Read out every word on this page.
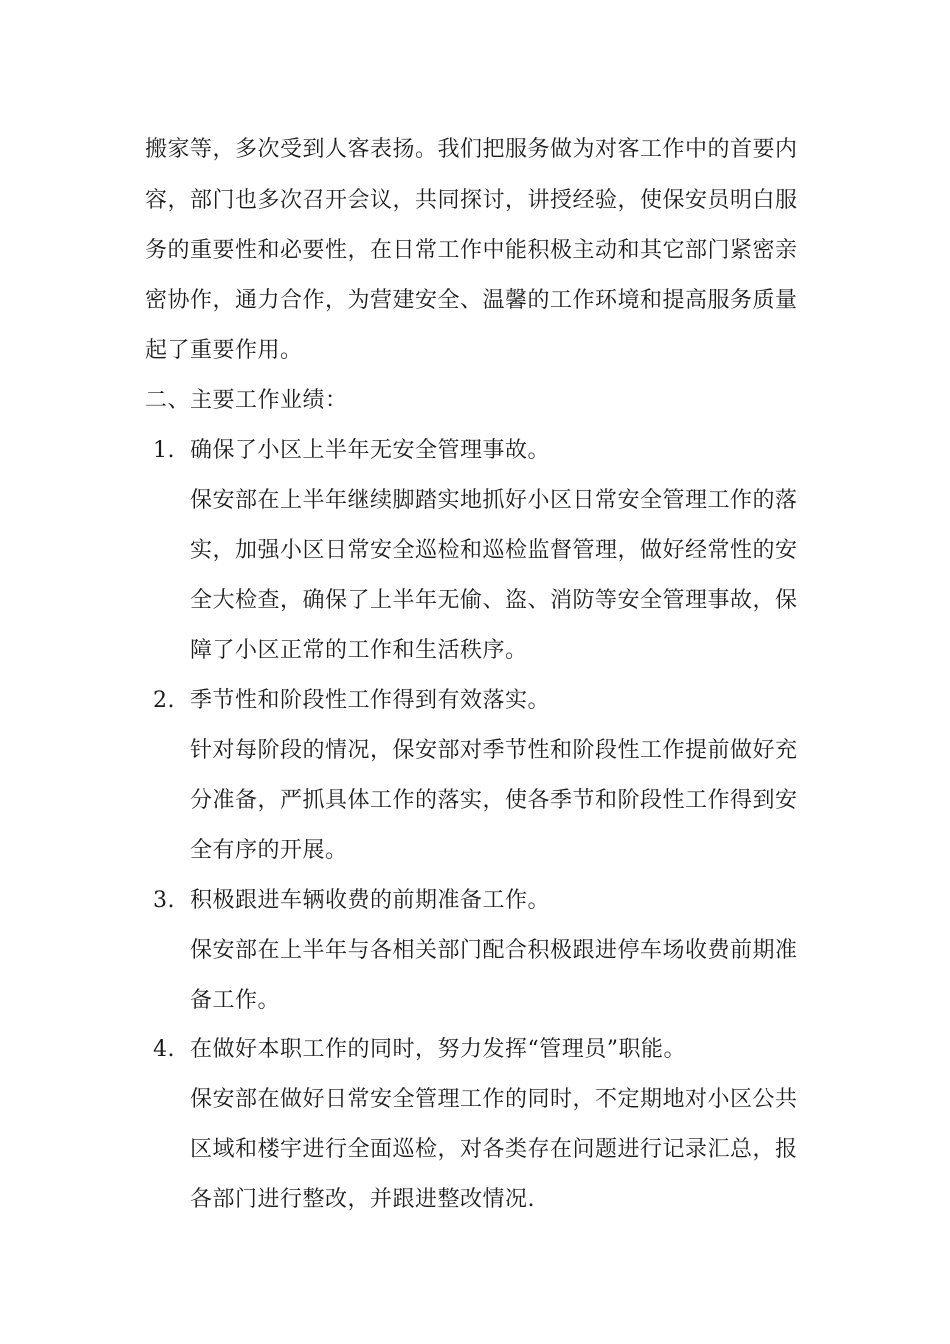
搬家等，多次受到人客表扬。我们把服务做为对客工作中的首要内
容，部门也多次召开会议，共同探讨，讲授经验，使保安员明白服
务的重要性和必要性，在日常工作中能积极主动和其它部门紧密亲
密协作，通力合作，为营建安全、温馨的工作环境和提高服务质量
起了重要作用。
二、主要工作业绩：
1. 确保了小区上半年无安全管理事故。
保安部在上半年继续脚踏实地抓好小区日常安全管理工作的落
实，加强小区日常安全巡检和巡检监督管理，做好经常性的安
全大检查，确保了上半年无偷、盗、消防等安全管理事故，保
障了小区正常的工作和生活秩序。
2. 季节性和阶段性工作得到有效落实。
针对每阶段的情况，保安部对季节性和阶段性工作提前做好充
分准备，严抓具体工作的落实，使各季节和阶段性工作得到安
全有序的开展。
3. 积极跟进车辆收费的前期准备工作。
保安部在上半年与各相关部门配合积极跟进停车场收费前期准
备工作。
4. 在做好本职工作的同时，努力发挥“管理员”职能。
保安部在做好日常安全管理工作的同时，不定期地对小区公共
区域和楼宇进行全面巡检，对各类存在问题进行记录汇总，报
各部门进行整改，并跟进整改情况.
